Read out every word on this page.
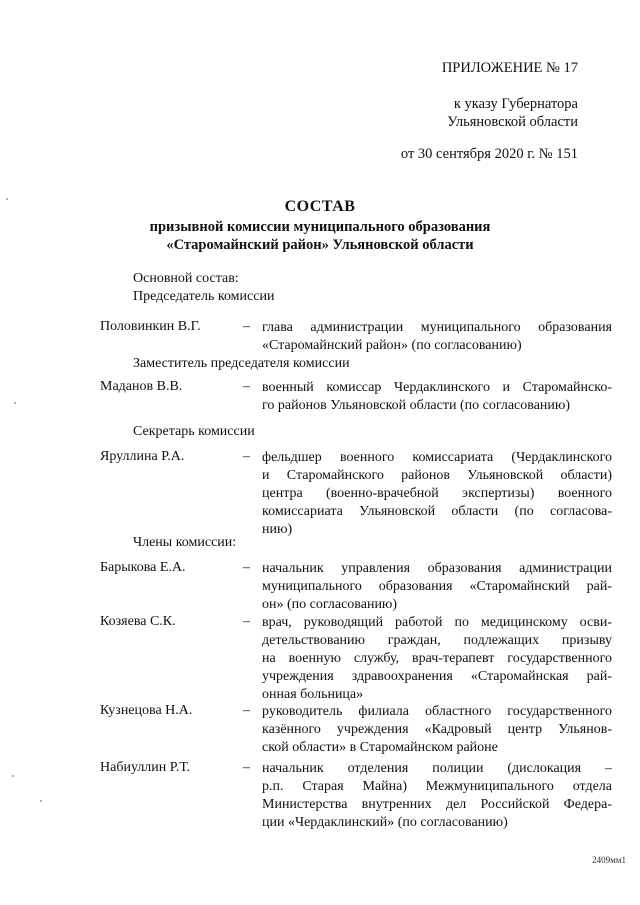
ПРИЛОЖЕНИЕ № 17
к указу Губернатора
Ульяновской области
от 30 сентября 2020 г. № 151
СОСТАВ
призывной комиссии муниципального образования
«Старомайнский район» Ульяновской области
Основной состав:
Председатель комиссии
Половинкин В.Г.	– глава администрации муниципального образования
«Старомайнский район» (по согласованию)
Заместитель председателя комиссии
Маданов В.В.	– военный комиссар Чердаклинского и Старомайнско-
го районов Ульяновской области (по согласованию)
Секретарь комиссии
Яруллина Р.А.	– фельдшер военного комиссариата (Чердаклинского
и Старомайнского районов Ульяновской области)
центра (военно-врачебной экспертизы) военного
комиссариата Ульяновской области (по согласова-
нию)
Члены комиссии:
Барыкова Е.А.	– начальник управления образования администрации
муниципального образования «Старомайнский рай-
он» (по согласованию)
Козяева С.К.	– врач, руководящий работой по медицинскому осви-
детельствованию граждан, подлежащих призыву
на военную службу, врач-терапевт государственного
учреждения здравоохранения «Старомайнская рай-
онная больница»
Кузнецова Н.А.	– руководитель филиала областного государственного
казённого учреждения «Кадровый центр Ульянов-
ской области» в Старомайнском районе
Набиуллин Р.Т.	– начальник отделения полиции (дислокация –
р.п. Старая Майна) Межмуниципального отдела
Министерства внутренних дел Российской Федера-
ции «Чердаклинский» (по согласованию)
2409мм1
